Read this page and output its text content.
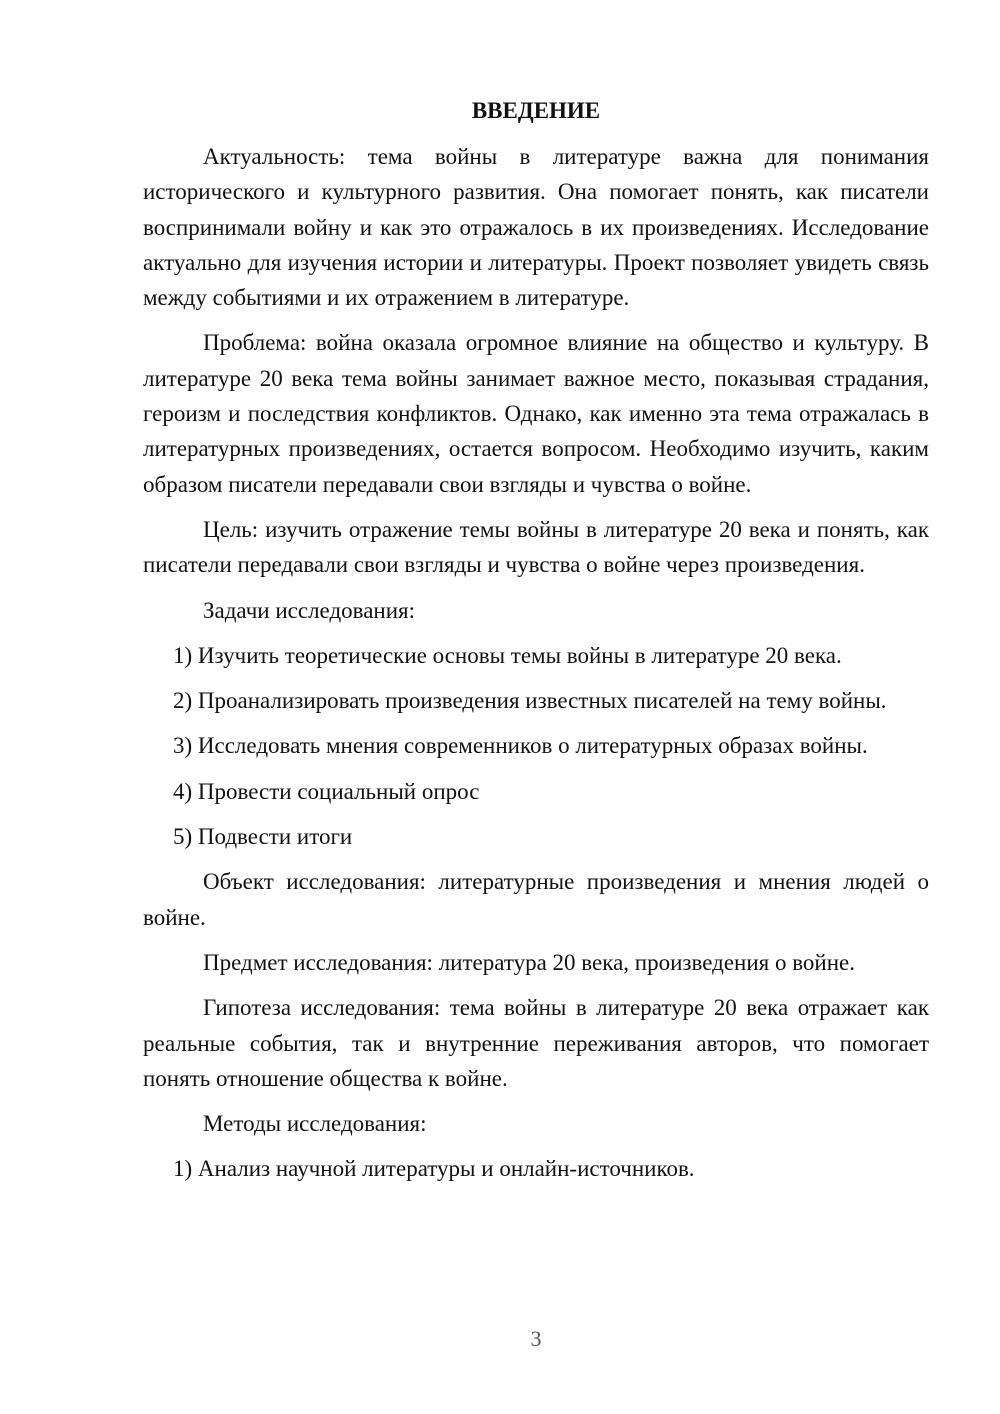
ВВЕДЕНИЕ

Актуальность: тема войны в литературе важна для понимания исторического и культурного развития. Она помогает понять, как писатели воспринимали войну и как это отражалось в их произведениях. Исследование актуально для изучения истории и литературы. Проект позволяет увидеть связь между событиями и их отражением в литературе.

Проблема: война оказала огромное влияние на общество и культуру. В литературе 20 века тема войны занимает важное место, показывая страдания, героизм и последствия конфликтов. Однако, как именно эта тема отражалась в литературных произведениях, остается вопросом. Необходимо изучить, каким образом писатели передавали свои взгляды и чувства о войне.

Цель: изучить отражение темы войны в литературе 20 века и понять, как писатели передавали свои взгляды и чувства о войне через произведения.

Задачи исследования:

1) Изучить теоретические основы темы войны в литературе 20 века.

2) Проанализировать произведения известных писателей на тему войны.

3) Исследовать мнения современников о литературных образах войны.

4) Провести социальный опрос

5) Подвести итоги

Объект исследования: литературные произведения и мнения людей о войне.

Предмет исследования: литература 20 века, произведения о войне.

Гипотеза исследования: тема войны в литературе 20 века отражает как реальные события, так и внутренние переживания авторов, что помогает понять отношение общества к войне.

Методы исследования:

1) Анализ научной литературы и онлайн-источников.

3
